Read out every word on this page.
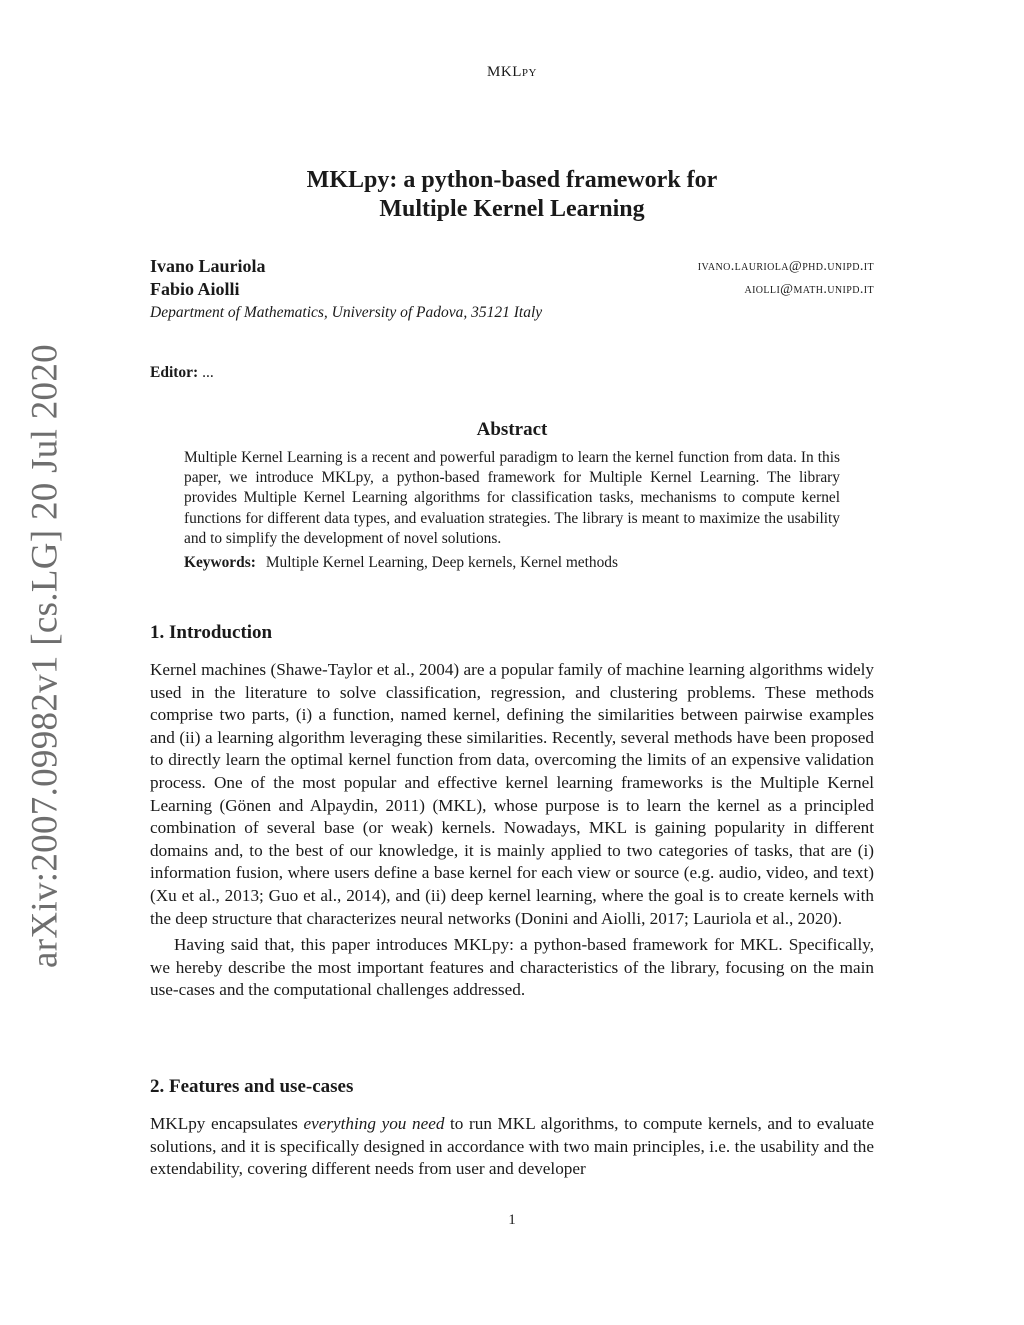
MKLpy
arXiv:2007.09982v1 [cs.LG] 20 Jul 2020
MKLpy: a python-based framework for
Multiple Kernel Learning
Ivano Lauriola	ivano.lauriola@phd.unipd.it
Fabio Aiolli	aiolli@math.unipd.it
Department of Mathematics, University of Padova, 35121 Italy
Editor: ...
Abstract

Multiple Kernel Learning is a recent and powerful paradigm to learn the kernel function from data. In this paper, we introduce MKLpy, a python-based framework for Multiple Kernel Learning. The library provides Multiple Kernel Learning algorithms for classification tasks, mechanisms to compute kernel functions for different data types, and evaluation strategies. The library is meant to maximize the usability and to simplify the development of novel solutions.

Keywords: Multiple Kernel Learning, Deep kernels, Kernel methods

1. Introduction

Kernel machines (Shawe-Taylor et al., 2004) are a popular family of machine learning algorithms widely used in the literature to solve classification, regression, and clustering problems. These methods comprise two parts, (i) a function, named kernel, defining the similarities between pairwise examples and (ii) a learning algorithm leveraging these similarities. Recently, several methods have been proposed to directly learn the optimal kernel function from data, overcoming the limits of an expensive validation process. One of the most popular and effective kernel learning frameworks is the Multiple Kernel Learning (Gönen and Alpaydin, 2011) (MKL), whose purpose is to learn the kernel as a principled combination of several base (or weak) kernels. Nowadays, MKL is gaining popularity in different domains and, to the best of our knowledge, it is mainly applied to two categories of tasks, that are (i) information fusion, where users define a base kernel for each view or source (e.g. audio, video, and text) (Xu et al., 2013; Guo et al., 2014), and (ii) deep kernel learning, where the goal is to create kernels with the deep structure that characterizes neural networks (Donini and Aiolli, 2017; Lauriola et al., 2020).

Having said that, this paper introduces MKLpy: a python-based framework for MKL. Specifically, we hereby describe the most important features and characteristics of the library, focusing on the main use-cases and the computational challenges addressed.

2. Features and use-cases

MKLpy encapsulates everything you need to run MKL algorithms, to compute kernels, and to evaluate solutions, and it is specifically designed in accordance with two main principles, i.e. the usability and the extendability, covering different needs from user and developer

1
